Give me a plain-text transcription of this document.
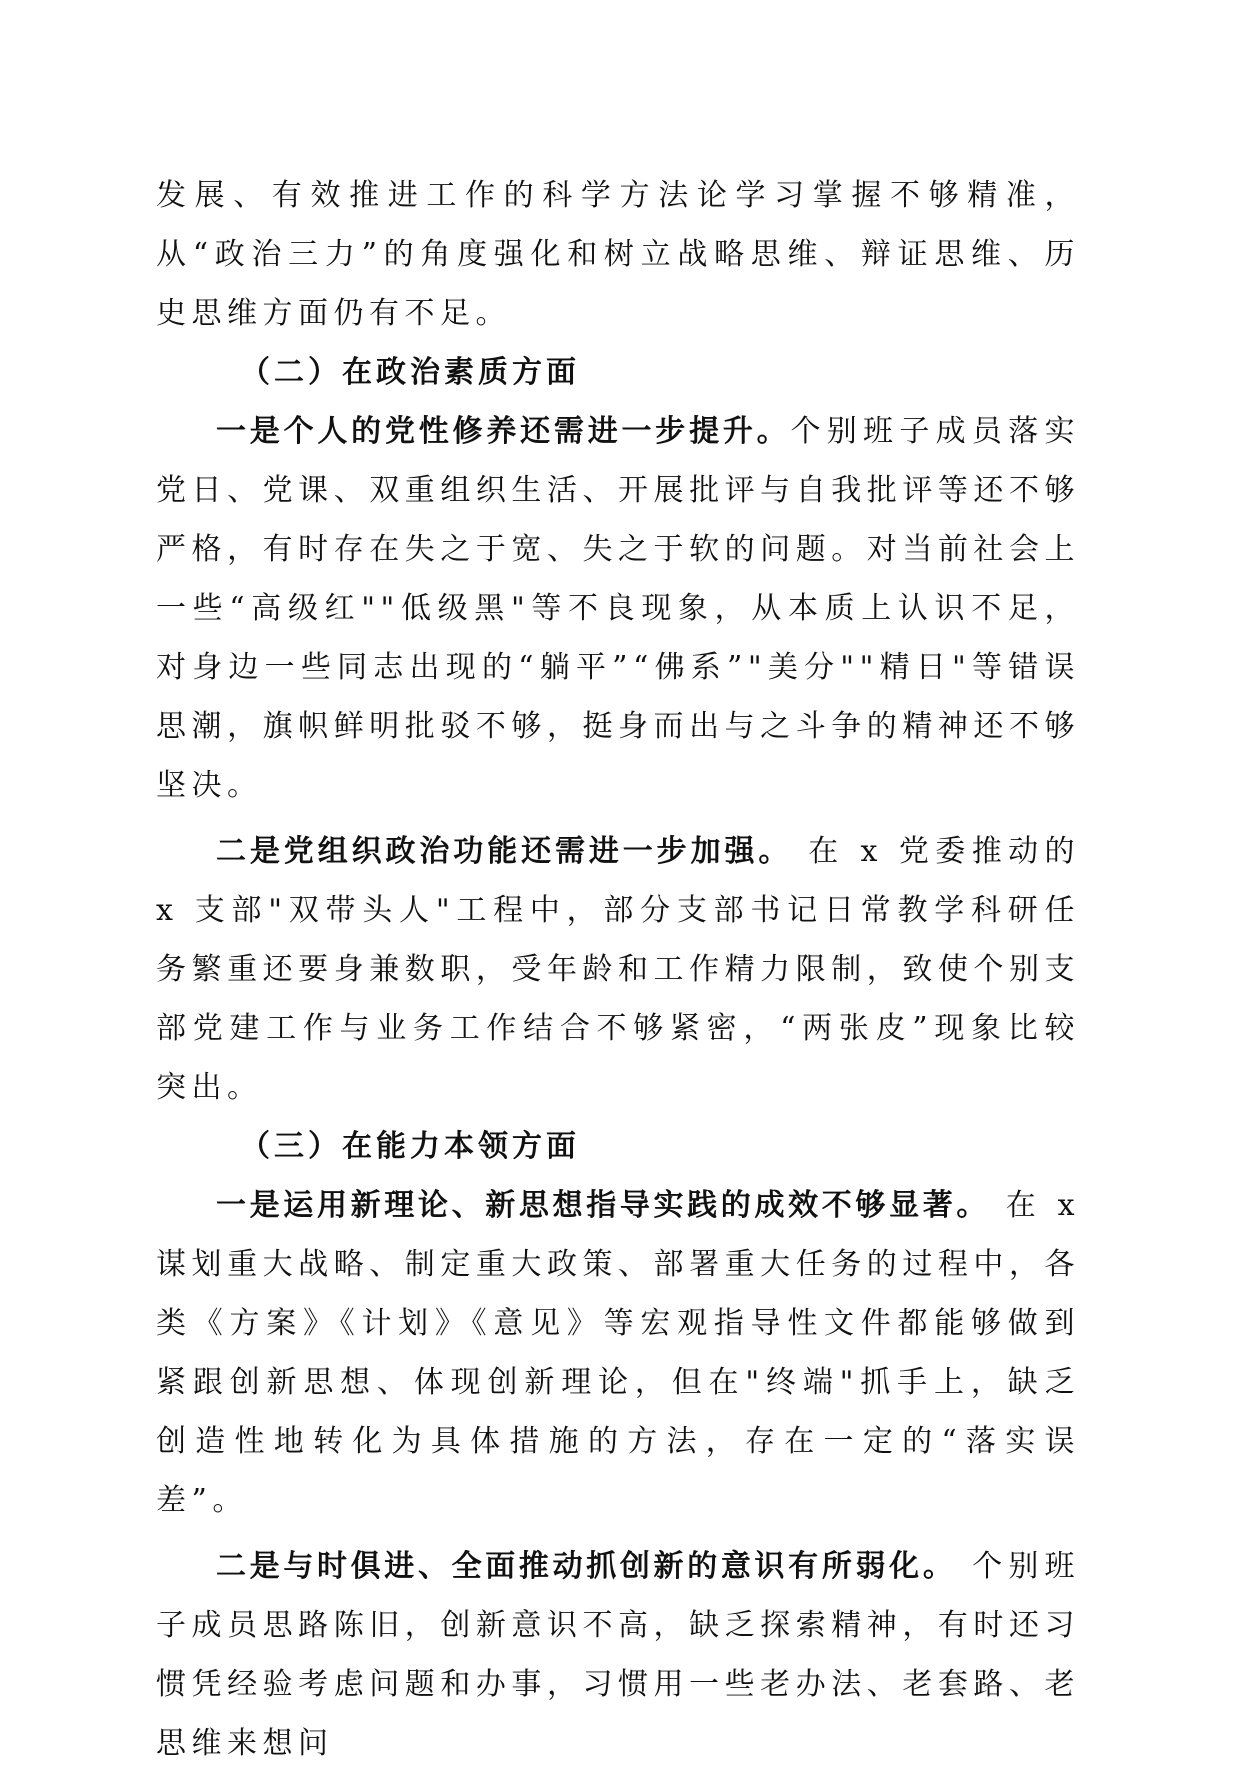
发展、有效推进工作的科学方法论学习掌握不够精准，从“政治三力”的角度强化和树立战略思维、辩证思维、历史思维方面仍有不足。

（二）在政治素质方面

一是个人的党性修养还需进一步提升。个别班子成员落实党日、党课、双重组织生活、开展批评与自我批评等还不够严格，有时存在失之于宽、失之于软的问题。对当前社会上一些“高级红""低级黑"等不良现象，从本质上认识不足，对身边一些同志出现的“躺平”“佛系”"美分""精日"等错误思潮，旗帜鲜明批驳不够，挺身而出与之斗争的精神还不够坚决。

二是党组织政治功能还需进一步加强。 在 x 党委推动的 x 支部"双带头人"工程中，部分支部书记日常教学科研任务繁重还要身兼数职，受年龄和工作精力限制，致使个别支部党建工作与业务工作结合不够紧密，“两张皮”现象比较突出。

（三）在能力本领方面

一是运用新理论、新思想指导实践的成效不够显著。 在 x 谋划重大战略、制定重大政策、部署重大任务的过程中，各类《方案》《计划》《意见》等宏观指导性文件都能够做到紧跟创新思想、体现创新理论，但在"终端"抓手上，缺乏创造性地转化为具体措施的方法，存在一定的“落实误差”。

二是与时俱进、全面推动抓创新的意识有所弱化。 个别班子成员思路陈旧，创新意识不高，缺乏探索精神，有时还习惯凭经验考虑问题和办事，习惯用一些老办法、老套路、老思维来想问
